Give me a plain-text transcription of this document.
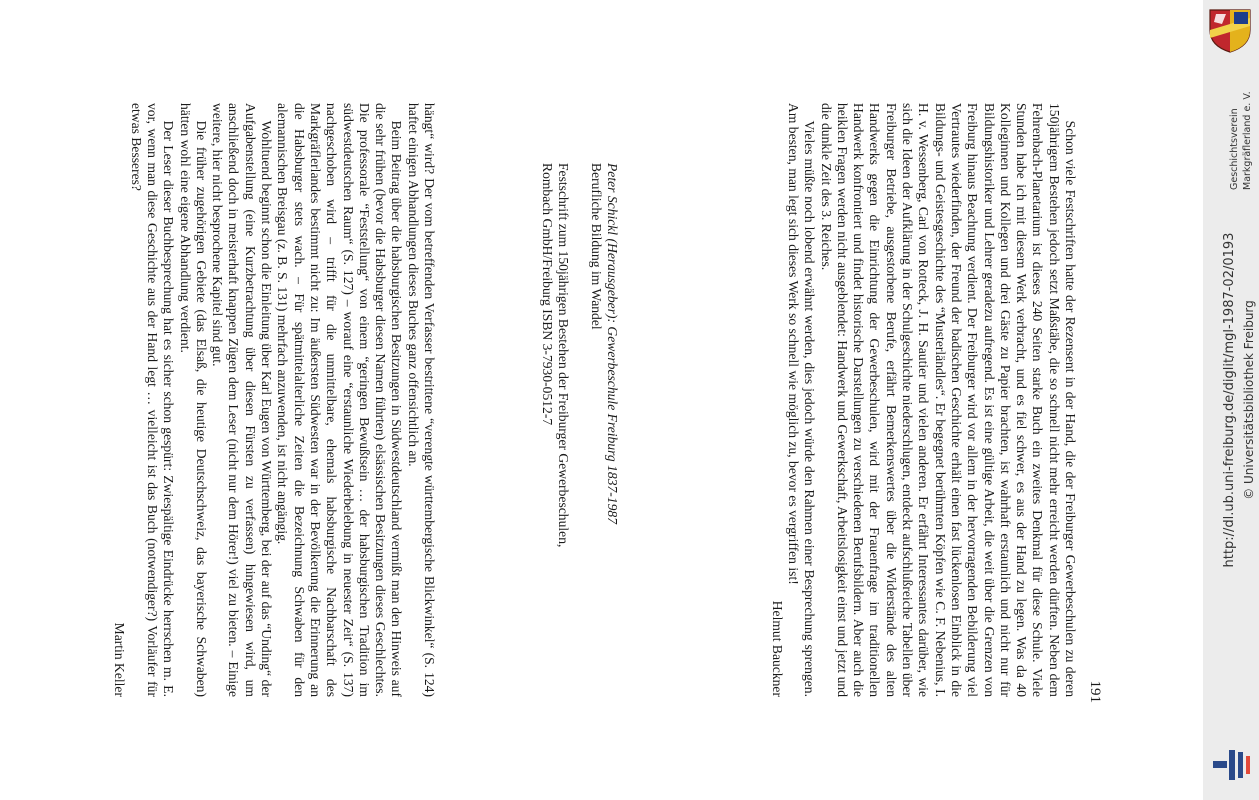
hängt“ wird? Der vom betreffenden Verfasser bestrittene “verengte württembergische Blickwinkel“ (S. 124) haftet einigen Abhandlungen dieses Buches ganz offensichtlich an.

Beim Beitrag über die habsburgischen Besitzungen in Südwestdeutschland vermißt man den Hinweis auf die sehr frühen (bevor die Habsburger diesen Namen führten) elsässischen Besitzungen dieses Geschlechtes. Die professorale “Feststellung“ von einem “geringen Bewußtsein … der habsburgischen Tradition im südwestdeutschen Raum“ (S. 127) – worauf eine “erstaunliche Wiederbelebung in neuester Zeit“ (S. 137) nachgeschoben wird – trifft für die unmittelbare, ehemals habsburgische Nachbarschaft des Markgräflerlandes bestimmt nicht zu: Im äußersten Südwesten war in der Bevölkerung die Erinnerung an die Habsburger stets wach. – Für spätmittelalterliche Zeiten die Bezeichnung Schwaben für den alemannischen Breisgau (z. B. S. 131) mehrfach anzuwenden, ist nicht angängig.

Wohltuend beginnt schon die Einleitung über Karl Eugen von Württemberg, bei der auf das “Unding“ der Aufgabenstellung (eine Kurzbetrachtung über diesen Fürsten zu verfassen) hingewiesen wird, um anschließend doch in meisterhaft knappen Zügen dem Leser (nicht nur dem Hörer!) viel zu bieten. – Einige weitere, hier nicht besprochene Kapitel sind gut.

Die früher zugehörigen Gebiete (das Elsaß, die heutige Deutschschweiz, das bayerische Schwaben) hätten wohl eine eigene Abhandlung verdient.

Der Leser dieser Buchbesprechung hat es sicher schon gespürt: Zwiespältige Eindrücke herrschen m. E. vor, wenn man diese Geschichte aus der Hand legt … vielleicht ist das Buch (notwendiger?) Vorläufer für etwas Besseres?

Martin Keller

Peter Schickl (Herausgeber): Gewerbeschule Freiburg 1837-1987

Berufliche Bildung im Wandel

Festschrift zum 150jährigen Bestehen der Freiburger Gewerbeschulen,

Rombach GmbH/Freiburg ISBN 3-7930-0512-7	Schon viele Festschriften hatte der Rezensent in der Hand, die der Freiburger Gewerbeschulen zu deren 150jährigem Bestehen jedoch setzt Maßstäbe, die so schnell nicht mehr erreicht werden dürften. Neben dem Fehrenbach-Planetarium ist dieses 240 Seiten starke Buch ein zweites Denkmal für diese Schule. Viele Stunden habe ich mit diesem Werk verbracht, und es fiel schwer, es aus der Hand zu legen. Was da 40 Kolleginnen und Kollegen und drei Gäste zu Papier brachten, ist wahrhaft erstaunlich und nicht nur für Bildungshistoriker und Lehrer geradezu aufregend. Es ist eine gültige Arbeit, die weit über die Grenzen von Freiburg hinaus Beachtung verdient. Der Freiburger wird vor allem in der hervorragenden Bebilderung viel Vertrautes wiederfinden, der Freund der badischen Geschichte erhält einen fast lückenlosen Einblick in die Bildungs- und Geistesgeschichte des “Musterländles“. Er begegnet berühmten Köpfen wie C. F. Nebenius, I. H. v. Wessenberg, Carl von Rotteck, J. H. Sautier und vielen anderen. Er erfährt Interessantes darüber, wie sich die Ideen der Aufklärung in der Schulgeschichte niederschlugen, entdeckt aufschlußreiche Tabellen über Freiburger Betriebe, ausgestorbene Berufe, erfährt Bemerkenswertes über die Widerstände des alten Handwerks gegen die Einrichtung der Gewerbeschulen, wird mit der Frauenfrage im traditionellen Handwerk konfrontiert und findet historische Darstellungen zu verschiedenen Berufsbildern. Aber auch die heiklen Fragen werden nicht ausgeblendet: Handwerk und Gewerkschaft, Arbeitslosigkeit einst und jetzt und die dunkle Zeit des 3. Reiches.

Vieles müßte noch lobend erwähnt werden, dies jedoch würde den Rahmen einer Besprechung sprengen. Am besten, man legt sich dieses Werk so schnell wie möglich zu, bevor es vergriffen ist!

Helmut Bauckner	191
Geschichtsverein Markgräflerland e. V.
http://dl.ub.uni-freiburg.de/diglit/mgl-1987-02/0193 © Universitätsbibliothek Freiburg
